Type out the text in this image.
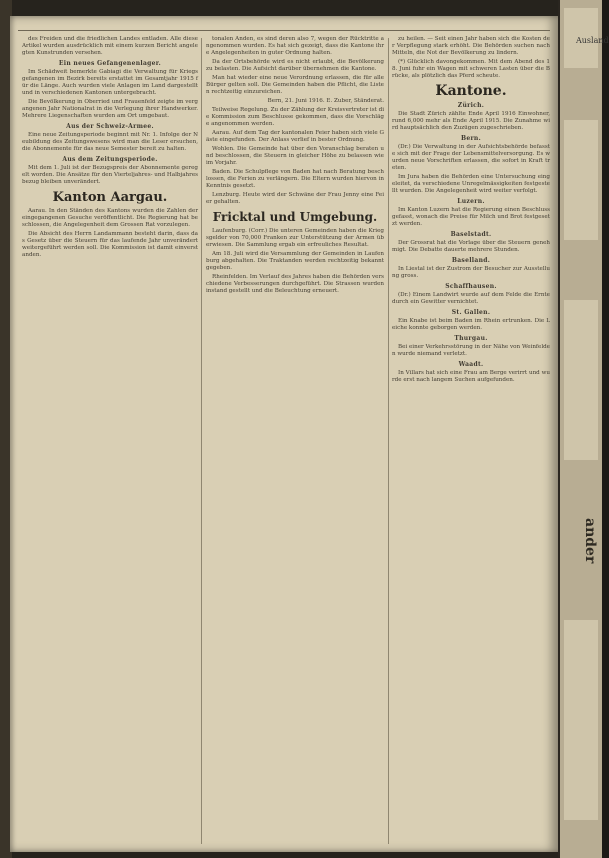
des Freiden und die friedlichen Landes entladen. Alle diese Artikel wurden ausdrücklich mit einem kurzen Bericht angelegten Kunstrunden versehen.

Ein neues Gefangenenlager.

Im Schädweit bemerkte Gabiagi die Verwaltung für Kriegsgefangenen im Bezirk bereits erstattet im Gesamtjahr 1915 für die Länge. Auch wurden viele Anlagen im Land dargestellt und in verschiedenen Kantonen untergebracht.

Die Bevölkerung in Oberried und Frauenfeld zeigte im vergangenen Jahr Nationalrat in die Verlegung ihrer Handwerker. Mehrere Liegenschaften wurden am Ort umgebaut.

Aus der Schweiz-Armee.

Eine neue Zeitungsperiode beginnt mit Nr. 1. Infolge der Neubildung des Zeitungswesens wird man die Leser ersuchen, die Abonnemente für das neue Semester bereit zu halten.

Aus dem Zeitungsperiode.

Mit dem 1. Juli ist der Bezugspreis der Abonnemente geregelt worden. Die Ansätze für den Vierteljahres- und Halbjahresbezug bleiben unverändert.

Kanton Aargau.

Aarau. In den Ständen des Kantons wurden die Zahlen der eingegangenen Gesuche veröffentlicht. Die Regierung hat beschlossen, die Angelegenheit dem Grossen Rat vorzulegen.

Die Absicht des Herrn Landammann besteht darin, dass das Gesetz über die Steuern für das laufende Jahr unverändert weitergeführt werden soll. Die Kommission ist damit einverstanden.

tonalen Anden, es sind deren also 7, wegen der Rücktritte angenommen wurden. Es hat sich gezeigt, dass die Kantone ihre Angelegenheiten in guter Ordnung halten.

Da der Ortsbehörde wird es nicht erlaubt, die Bevölkerung zu belasten. Die Aufsicht darüber übernehmen die Kantone.

Man hat wieder eine neue Verordnung erlassen, die für alle Bürger gelten soll. Die Gemeinden haben die Pflicht, die Listen rechtzeitig einzureichen.

Bern, 21. Juni 1916. E. Zuber, Ständerat.

Teilweise Regelung. Zu der Zählung der Kreisvertreter ist die Kommission zum Beschlusse gekommen, dass die Vorschläge angenommen werden.

Aarau. Auf dem Tag der kantonalen Feier haben sich viele Gäste eingefunden. Der Anlass verlief in bester Ordnung.

Wohlen. Die Gemeinde hat über den Voranschlag beraten und beschlossen, die Steuern in gleicher Höhe zu belassen wie im Vorjahr.

Baden. Die Schulpflege von Baden hat nach Beratung beschlossen, die Ferien zu verlängern. Die Eltern wurden hiervon in Kenntnis gesetzt.

Lenzburg. Heute wird der Schwäne der Frau Jenny eine Feier gehalten.

Fricktal und Umgebung.

Laufenburg. (Corr.) Die unteren Gemeinden haben die Kriegsgelder von 70,000 Franken zur Unterstützung der Armen überwiesen. Die Sammlung ergab ein erfreuliches Resultat.

Am 18. Juli wird die Versammlung der Gemeinden in Laufenburg abgehalten. Die Traktanden werden rechtzeitig bekannt gegeben.

Rheinfelden. Im Verlauf des Jahres haben die Behörden verschiedene Verbesserungen durchgeführt. Die Strassen wurden instand gestellt und die Beleuchtung erneuert.

zu heilen. — Seit einen Jahr haben sich die Kosten der Verpflegung stark erhöht. Die Behörden suchen nach Mitteln, die Not der Bevölkerung zu lindern.

(*) Glücklich davongekommen. Mit dem Abend des 18. Juni fuhr ein Wagen mit schweren Lasten über die Brücke, als plötzlich das Pferd scheute.

Kantone.
Zürich.

Die Stadt Zürich zählte Ende April 1916 Einwohner, rund 6,000 mehr als Ende April 1915. Die Zunahme wird hauptsächlich den Zuzügen zugeschrieben.

Bern.

(Dr.) Die Verwaltung in der Aufsichtsbehörde befasste sich mit der Frage der Lebensmittelversorgung. Es wurden neue Vorschriften erlassen, die sofort in Kraft treten.

Im Jura haben die Behörden eine Untersuchung eingeleitet, da verschiedene Unregelmässigkeiten festgestellt wurden. Die Angelegenheit wird weiter verfolgt.

Luzern.

Im Kanton Luzern hat die Regierung einen Beschluss gefasst, wonach die Preise für Milch und Brot festgesetzt werden.

Baselstadt.

Der Grossrat hat die Vorlage über die Steuern genehmigt. Die Debatte dauerte mehrere Stunden.

Baselland.

In Liestal ist der Zustrom der Besucher zur Ausstellung gross.

Schaffhausen.

(Dr.) Einem Landwirt wurde auf dem Felde die Ernte durch ein Gewitter vernichtet.

St. Gallen.

Ein Knabe ist beim Baden im Rhein ertrunken. Die Leiche konnte geborgen werden.

Thurgau.

Bei einer Verkehrsstörung in der Nähe von Weinfelden wurde niemand verletzt.

Waadt.

In Villars hat sich eine Frau am Berge verirrt und wurde erst nach langem Suchen aufgefunden.

Ausland
ander
